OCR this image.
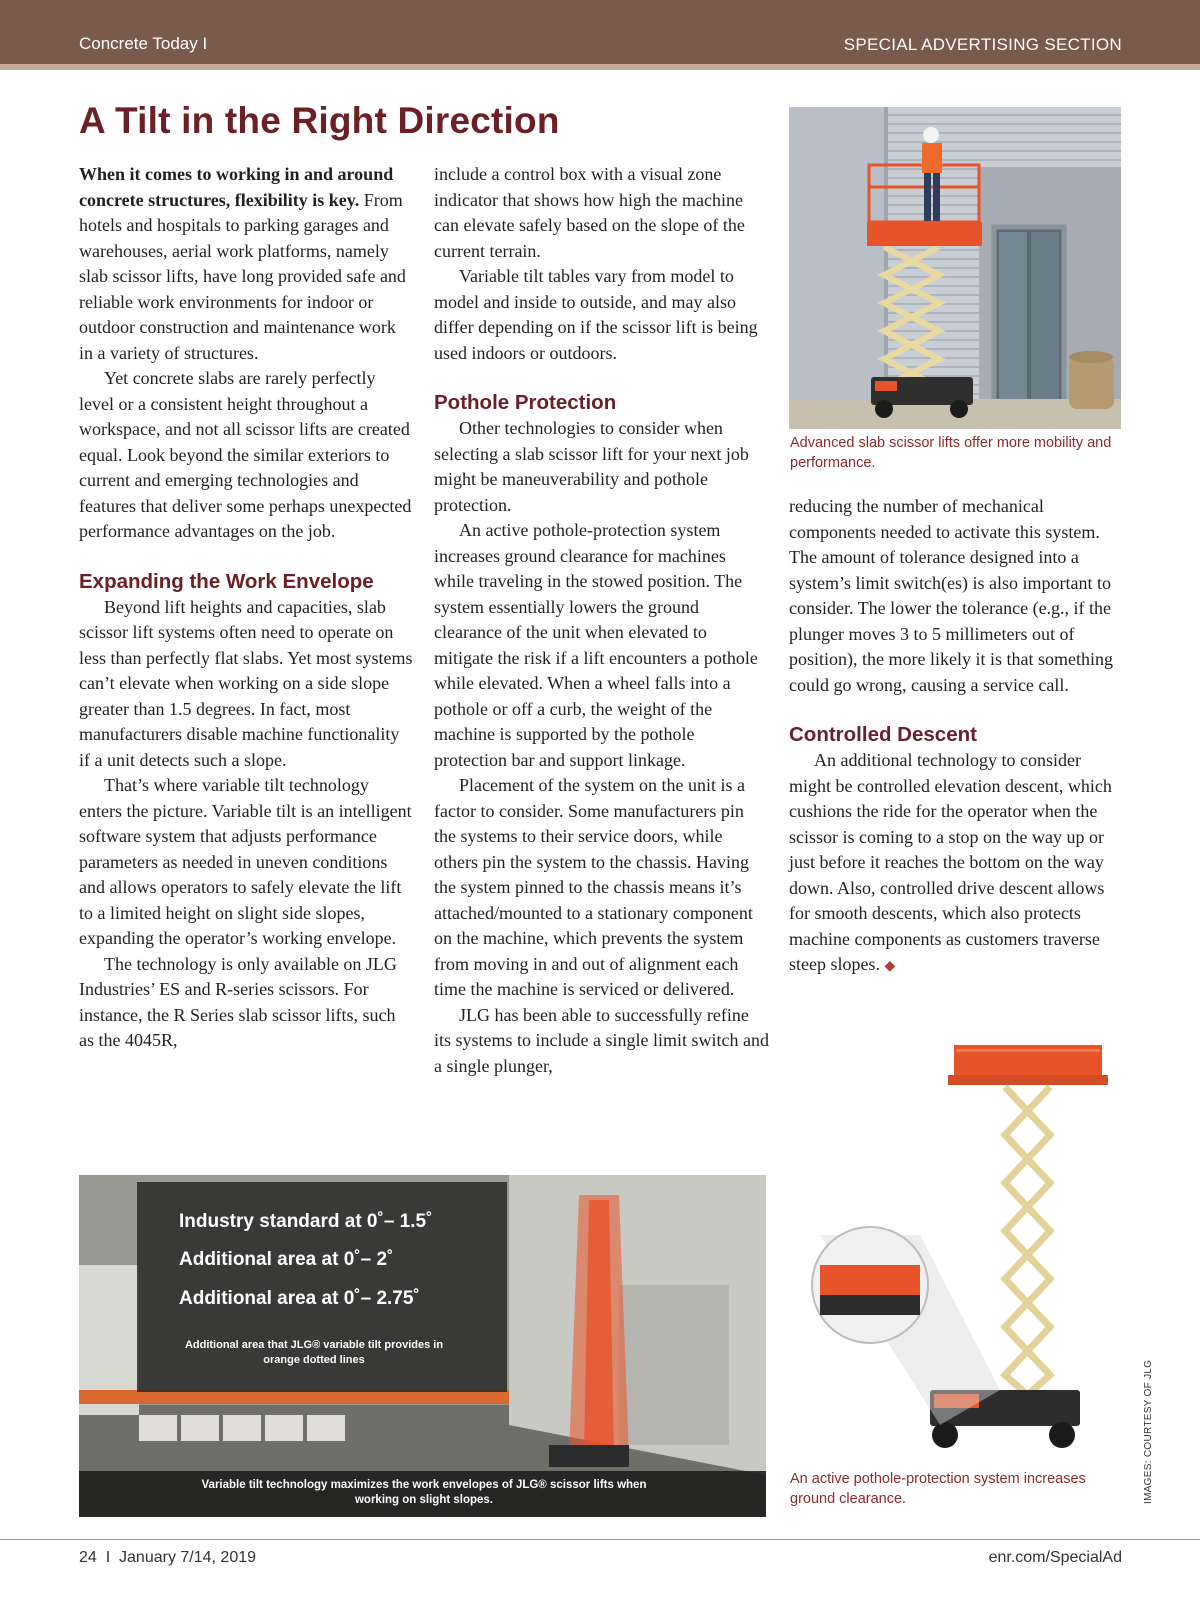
Concrete Today I	SPECIAL ADVERTISING SECTION
A Tilt in the Right Direction

When it comes to working in and around concrete structures, flexibility is key. From hotels and hospitals to parking garages and warehouses, aerial work platforms, namely slab scissor lifts, have long provided safe and reliable work environments for indoor or outdoor construction and maintenance work in a variety of structures.

Yet concrete slabs are rarely perfectly level or a consistent height throughout a workspace, and not all scissor lifts are created equal. Look beyond the similar exteriors to current and emerging technologies and features that deliver some perhaps unexpected performance advantages on the job.

Expanding the Work Envelope

Beyond lift heights and capacities, slab scissor lift systems often need to operate on less than perfectly flat slabs. Yet most systems can’t elevate when working on a side slope greater than 1.5 degrees. In fact, most manufacturers disable machine functionality if a unit detects such a slope.

That’s where variable tilt technology enters the picture. Variable tilt is an intelligent software system that adjusts performance parameters as needed in uneven conditions and allows operators to safely elevate the lift to a limited height on slight side slopes, expanding the operator’s working envelope.

The technology is only available on JLG Industries’ ES and R-series scissors. For instance, the R Series slab scissor lifts, such as the 4045R,

include a control box with a visual zone indicator that shows how high the machine can elevate safely based on the slope of the current terrain.

Variable tilt tables vary from model to model and inside to outside, and may also differ depending on if the scissor lift is being used indoors or outdoors.

Pothole Protection

Other technologies to consider when selecting a slab scissor lift for your next job might be maneuverability and pothole protection.

An active pothole-protection system increases ground clearance for machines while traveling in the stowed position. The system essentially lowers the ground clearance of the unit when elevated to mitigate the risk if a lift encounters a pothole while elevated. When a wheel falls into a pothole or off a curb, the weight of the machine is supported by the pothole protection bar and support linkage.

Placement of the system on the unit is a factor to consider. Some manufacturers pin the systems to their service doors, while others pin the system to the chassis. Having the system pinned to the chassis means it’s attached/mounted to a stationary component on the machine, which prevents the system from moving in and out of alignment each time the machine is serviced or delivered.

JLG has been able to successfully refine its systems to include a single limit switch and a single plunger,

reducing the number of mechanical components needed to activate this system. The amount of tolerance designed into a system’s limit switch(es) is also important to consider. The lower the tolerance (e.g., if the plunger moves 3 to 5 millimeters out of position), the more likely it is that something could go wrong, causing a service call.

Controlled Descent

An additional technology to consider might be controlled elevation descent, which cushions the ride for the operator when the scissor is coming to a stop on the way up or just before it reaches the bottom on the way down. Also, controlled drive descent allows for smooth descents, which also protects machine components as customers traverse steep slopes. ◆

Advanced slab scissor lifts offer more mobility and performance.
Industry standard at 0˚– 1.5˚
Additional area at 0˚– 2˚
Additional area at 0˚– 2.75˚
Additional area that JLG® variable tilt provides in orange dotted lines
Variable tilt technology maximizes the work envelopes of JLG® scissor lifts when working on slight slopes.
An active pothole-protection system increases ground clearance.	IMAGES: COURTESY OF JLG
24  I  January 7/14, 2019	enr.com/SpecialAd
